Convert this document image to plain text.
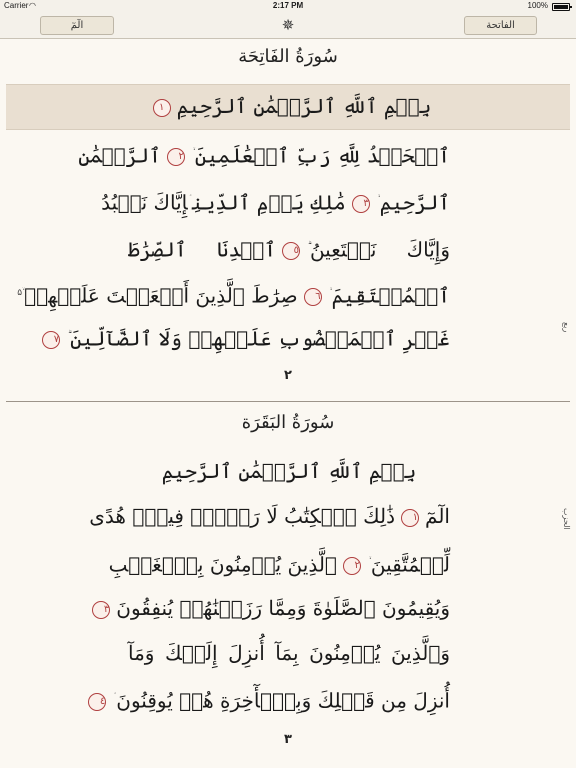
Carrier ◠	2:17 PM	100%
الٓمٓ	✵	الفاتحة
سُورَةُ الفَاتِحَة
بِسۡمِ ٱللَّهِ ٱلرَّحۡمَٰنِ ٱلرَّحِيمِ١
ٱلۡحَمۡدُ لِلَّهِ رَبِّ ٱلۡعَٰلَمِينَ٢ٱلرَّحۡمَٰنِ
ٱلرَّحِيمِ٣مَٰلِكِ يَوۡمِ ٱلدِّينِإِيَّاكَ نَعۡبُدُ
وَإِيَّاكَ نَسۡتَعِينُ٥ٱهۡدِنَا ٱلصِّرَٰطَ
ٱلۡمُسۡتَقِيمَ٦صِرَٰطَ ٱلَّذِينَ أَنۡعَمۡتَ عَلَيۡهِمۡ$^{ۙ۵}$
غَيۡرِ ٱلۡمَغۡضُوبِ عَلَيۡهِمۡ وَلَا ٱلضَّآلِّينَ٧
ربع
٢
سُورَةُ البَقَرَة
بِسۡمِ ٱللَّهِ ٱلرَّحۡمَٰنِ ٱلرَّحِيمِ
الٓمٓ١ذَٰلِكَ ٱلۡكِتَٰبُ لَا رَيۡبَۛ فِيهِۛ هُدًى
لِّلۡمُتَّقِينَ٢ٱلَّذِينَ يُؤۡمِنُونَ بِٱلۡغَيۡبِ
وَيُقِيمُونَ ٱلصَّلَوٰةَ وَمِمَّا رَزَقۡنَٰهُمۡ يُنفِقُونَ٣
وَٱلَّذِينَ يُؤۡمِنُونَ بِمَآ أُنزِلَ إِلَيۡكَ وَمَآ
أُنزِلَ مِن قَبۡلِكَ وَبِٱلۡأٓخِرَةِ هُمۡ يُوقِنُونَ٤
الحزب
٣
